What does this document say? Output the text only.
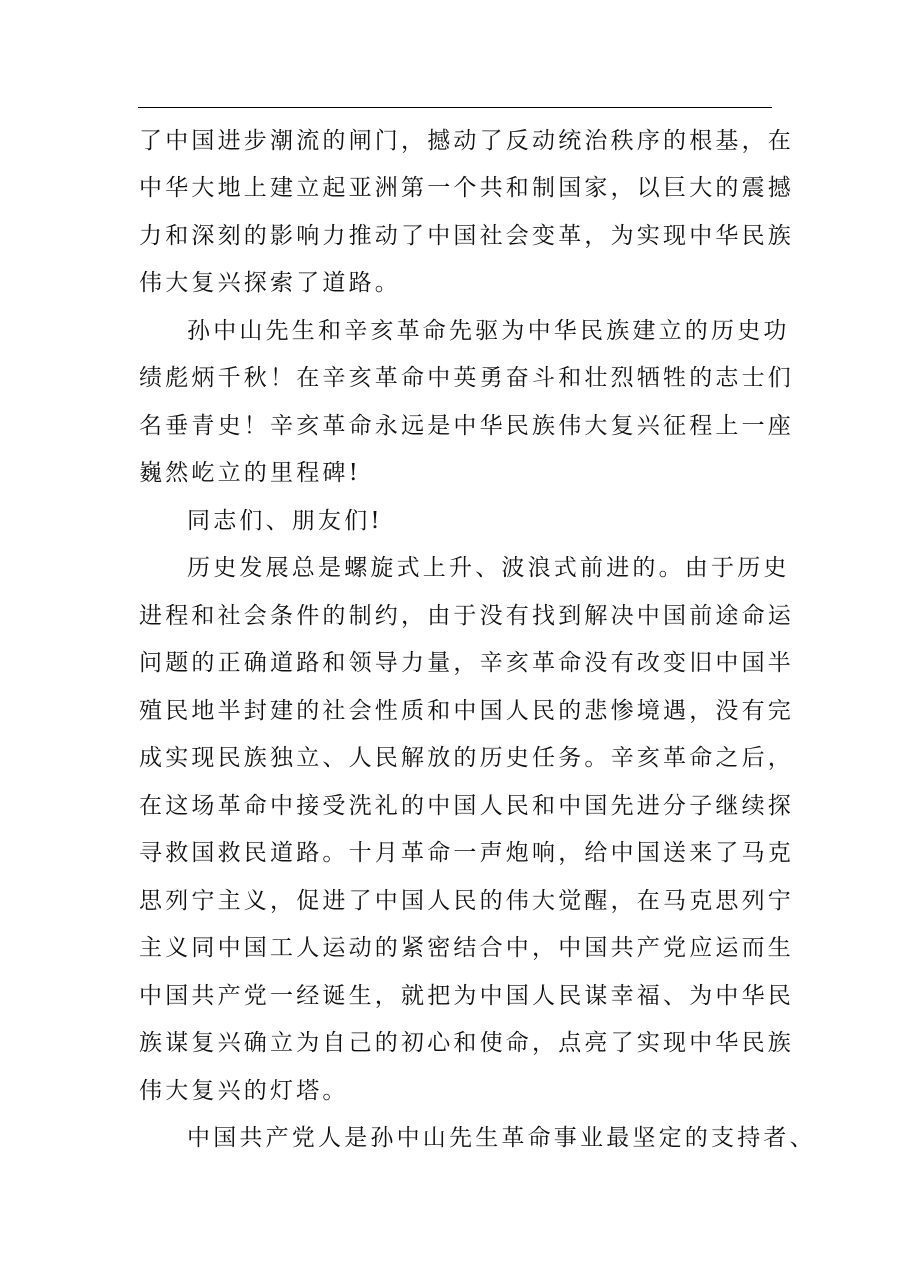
了中国进步潮流的闸门，撼动了反动统治秩序的根基，在
中华大地上建立起亚洲第一个共和制国家，以巨大的震撼
力和深刻的影响力推动了中国社会变革，为实现中华民族
伟大复兴探索了道路。
孙中山先生和辛亥革命先驱为中华民族建立的历史功
绩彪炳千秋！在辛亥革命中英勇奋斗和壮烈牺牲的志士们
名垂青史！辛亥革命永远是中华民族伟大复兴征程上一座
巍然屹立的里程碑!
同志们、朋友们!
历史发展总是螺旋式上升、波浪式前进的。由于历史
进程和社会条件的制约，由于没有找到解决中国前途命运
问题的正确道路和领导力量，辛亥革命没有改变旧中国半
殖民地半封建的社会性质和中国人民的悲惨境遇，没有完
成实现民族独立、人民解放的历史任务。辛亥革命之后，
在这场革命中接受洗礼的中国人民和中国先进分子继续探
寻救国救民道路。十月革命一声炮响，给中国送来了马克
思列宁主义，促进了中国人民的伟大觉醒，在马克思列宁
主义同中国工人运动的紧密结合中，中国共产党应运而生
中国共产党一经诞生，就把为中国人民谋幸福、为中华民
族谋复兴确立为自己的初心和使命，点亮了实现中华民族
伟大复兴的灯塔。
中国共产党人是孙中山先生革命事业最坚定的支持者、
